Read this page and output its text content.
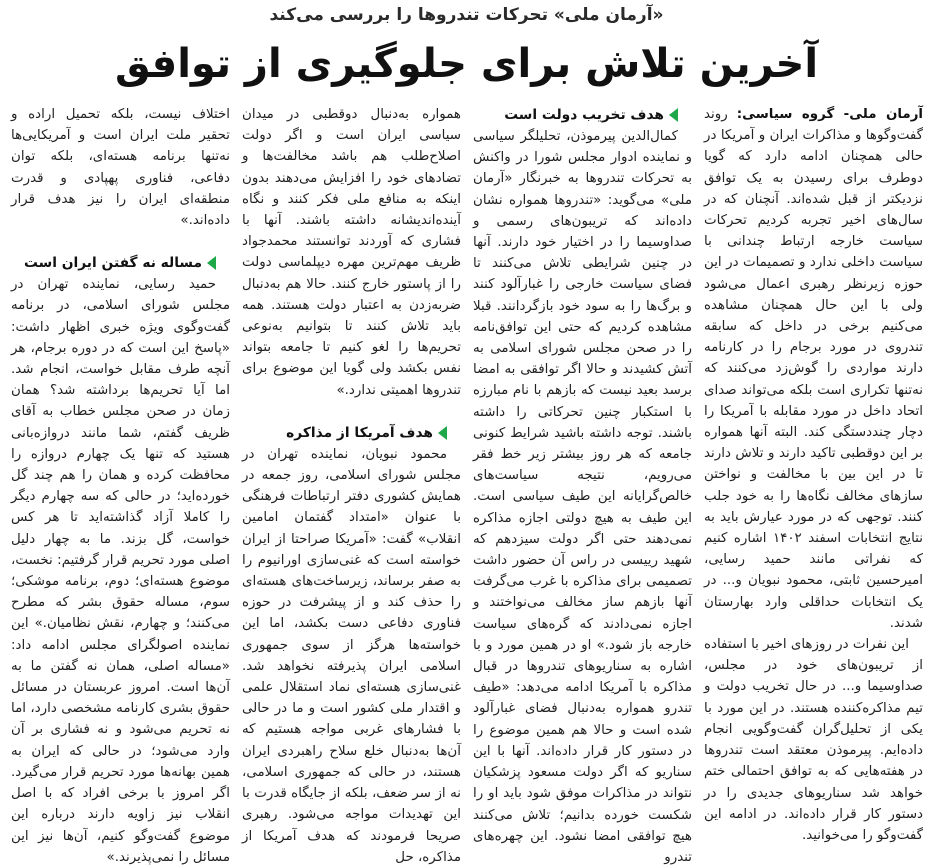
«آرمان ملی» تحرکات تندروها را بررسی می‌کند
آخرین تلاش برای جلوگیری از توافق

آرمان ملی- گروه سیاسی: روند گفت‌وگوها و مذاکرات ایران و آمریکا در حالی همچنان ادامه دارد که گویا دوطرف برای رسیدن به یک توافق نزدیکتر از قبل شده‌اند. آنچنان که در سال‌های اخیر تجربه کردیم تحرکات سیاست خارجه ارتباط چندانی با سیاست داخلی ندارد و تصمیمات در این حوزه زیرنظر رهبری اعمال می‌شود ولی با این حال همچنان مشاهده می‌کنیم برخی در داخل که سابقه تندروی در مورد برجام را در کارنامه دارند مواردی را گوش‌زد می‌کنند که نه‌تنها تکراری است بلکه می‌تواند صدای اتحاد داخل در مورد مقابله با آمریکا را دچار چنددستگی کند. البته آنها همواره بر این دوقطبی تاکید دارند و تلاش دارند تا در این بین با مخالفت و نواختن سازهای مخالف نگاه‌ها را به خود جلب کنند. توجهی که در مورد عیارش باید به نتایج انتخابات اسفند ۱۴۰۲ اشاره کنیم که نفراتی مانند حمید رسایی، امیرحسین ثابتی، محمود نبویان و... در یک انتخابات حداقلی وارد بهارستان شدند.

این نفرات در روزهای اخیر با استفاده از تریبون‌های خود در مجلس، صداوسیما و... در حال تخریب دولت و تیم مذاکره‌کننده هستند. در این مورد با یکی از تحلیل‌گران گفت‌وگویی انجام داده‌ایم. پیرموذن معتقد است تندروها در هفته‌هایی که به توافق احتمالی ختم خواهد شد سناریوهای جدیدی را در دستور کار قرار داده‌اند. در ادامه این گفت‌وگو را می‌خوانید.

هدف تخریب دولت است

کمال‌الدین پیرموذن، تحلیلگر سیاسی و نماینده ادوار مجلس شورا در واکنش به تحرکات تندروها به خبرنگار «آرمان ملی» می‌گوید: «تندروها همواره نشان داده‌اند که تریبون‌های رسمی و صداوسیما را در اختیار خود دارند. آنها در چنین شرایطی تلاش می‌کنند تا فضای سیاست خارجی را غبارآلود کنند و برگ‌ها را به سود خود بازگردانند. قبلا مشاهده کردیم که حتی این توافق‌نامه را در صحن مجلس شورای اسلامی به آتش کشیدند و حالا اگر توافقی به امضا برسد بعید نیست که بازهم با نام مبارزه با استکبار چنین تحرکاتی را داشته باشند. توجه داشته باشید شرایط کنونی جامعه که هر روز بیشتر زیر خط فقر می‌رویم، نتیجه سیاست‌های خالص‌گرایانه این طیف سیاسی است. این طیف به هیچ دولتی اجازه مذاکره نمی‌دهند حتی اگر دولت سیزدهم که شهید رییسی در راس آن حضور داشت تصمیمی برای مذاکره با غرب می‌گرفت آنها بازهم ساز مخالف می‌نواختند و اجازه نمی‌دادند که گره‌های سیاست خارجه باز شود.» او در همین مورد و با اشاره به سناریوهای تندروها در قبال مذاکره با آمریکا ادامه می‌دهد: «طیف تندرو همواره به‌دنبال فضای غبارآلود شده است و حالا هم همین موضوع را در دستور کار قرار داده‌اند. آنها با این سناریو که اگر دولت مسعود پزشکیان نتواند در مذاکرات موفق شود باید او را شکست خورده بدانیم؛ تلاش می‌کنند هیچ توافقی امضا نشود. این چهره‌های تندرو

همواره به‌دنبال دوقطبی در میدان سیاسی ایران است و اگر دولت اصلاح‌طلب هم باشد مخالفت‌ها و تضادهای خود را افزایش می‌دهند بدون اینکه به منافع ملی فکر کنند و نگاه آینده‌اندیشانه داشته باشند. آنها با فشاری که آوردند توانستند محمدجواد ظریف مهم‌ترین مهره دیپلماسی دولت را از پاستور خارج کنند. حالا هم به‌دنبال ضربه‌زدن به اعتبار دولت هستند. همه باید تلاش کنند تا بتوانیم به‌نوعی تحریم‌ها را لغو کنیم تا جامعه بتواند نفس بکشد ولی گویا این موضوع برای تندروها اهمیتی ندارد.»

هدف آمریکا از مذاکره

محمود نبویان، نماینده تهران در مجلس شورای اسلامی، روز جمعه در همایش کشوری دفتر ارتباطات فرهنگی با عنوان «امتداد گفتمان امامین انقلاب» گفت: «آمریکا صراحتا از ایران خواسته است که غنی‌سازی اورانیوم را به صفر برساند، زیرساخت‌های هسته‌ای را حذف کند و از پیشرفت در حوزه فناوری دفاعی دست بکشد، اما این خواسته‌ها هرگز از سوی جمهوری اسلامی ایران پذیرفته نخواهد شد. غنی‌سازی هسته‌ای نماد استقلال علمی و اقتدار ملی کشور است و ما در حالی با فشارهای غربی مواجه هستیم که آن‌ها به‌دنبال خلع سلاح راهبردی ایران هستند، در حالی که جمهوری اسلامی، نه از سر ضعف، بلکه از جایگاه قدرت با این تهدیدات مواجه می‌شود. رهبری صریحا فرمودند که هدف آمریکا از مذاکره، حل

اختلاف نیست، بلکه تحمیل اراده و تحقیر ملت ایران است و آمریکایی‌ها نه‌تنها برنامه هسته‌ای، بلکه توان دفاعی، فناوری پهپادی و قدرت منطقه‌ای ایران را نیز هدف قرار داده‌اند.»

مساله نه گفتن ایران است

حمید رسایی، نماینده تهران در مجلس شورای اسلامی، در برنامه گفت‌وگوی ویژه خبری اظهار داشت: «پاسخ این است که در دوره برجام، هر آنچه طرف مقابل خواست، انجام شد. اما آیا تحریم‌ها برداشته شد؟ همان زمان در صحن مجلس خطاب به آقای ظریف گفتم، شما مانند دروازه‌بانی هستید که تنها یک چهارم دروازه را محافظت کرده و همان را هم چند گل خورده‌اید؛ در حالی که سه چهارم دیگر را کاملا آزاد گذاشته‌اید تا هر کس خواست، گل بزند. ما به چهار دلیل اصلی مورد تحریم قرار گرفتیم: نخست، موضوع هسته‌ای؛ دوم، برنامه موشکی؛ سوم، مساله حقوق بشر که مطرح می‌کنند؛ و چهارم، نقش نظامیان.» این نماینده اصولگرای مجلس ادامه داد: «مساله اصلی، همان نه گفتن ما به آن‌ها است. امروز عربستان در مسائل حقوق بشری کارنامه مشخصی دارد، اما نه تحریم می‌شود و نه فشاری بر آن وارد می‌شود؛ در حالی که ایران به همین بهانه‌ها مورد تحریم قرار می‌گیرد. اگر امروز با برخی افراد که با اصل انقلاب نیز زاویه دارند درباره این موضوع گفت‌وگو کنیم، آن‌ها نیز این مسائل را نمی‌پذیرند.»
